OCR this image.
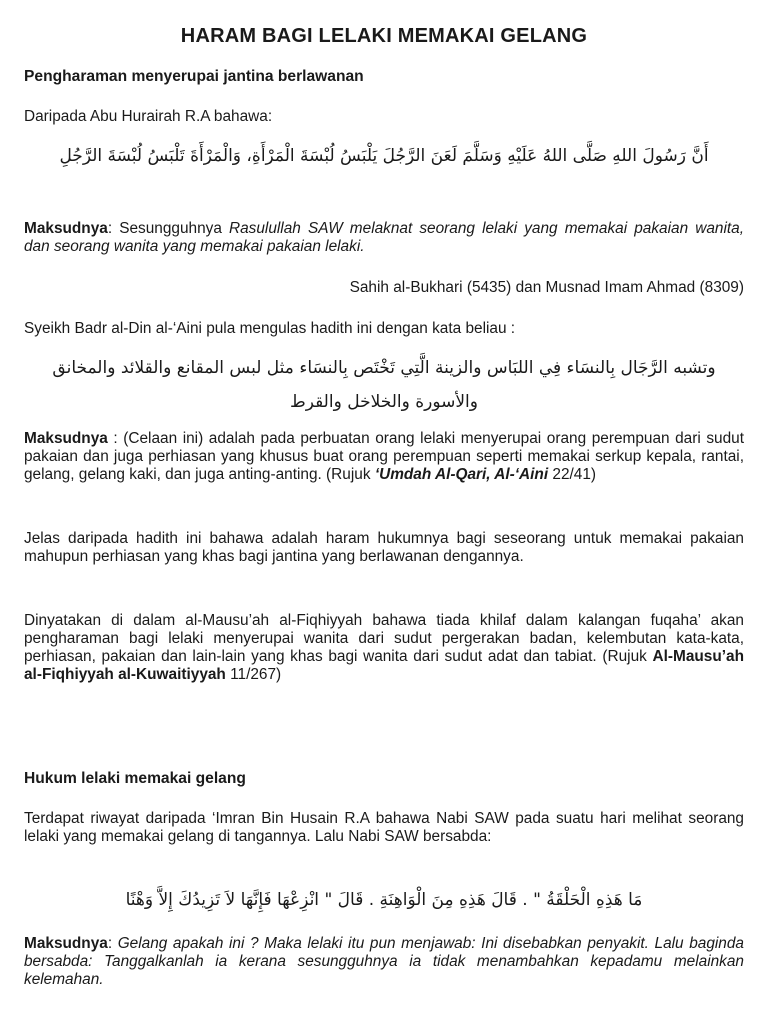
HARAM BAGI LELAKI MEMAKAI GELANG

Pengharaman menyerupai jantina berlawanan

Daripada Abu Hurairah R.A bahawa:

أَنَّ رَسُولَ اللهِ صَلَّى اللهُ عَلَيْهِ وَسَلَّمَ لَعَنَ الرَّجُلَ يَلْبَسُ لُبْسَةَ الْمَرْأَةِ، وَالْمَرْأَةَ تَلْبَسُ لُبْسَةَ الرَّجُلِ

Maksudnya: Sesungguhnya Rasulullah SAW melaknat seorang lelaki yang memakai pakaian wanita, dan seorang wanita yang memakai pakaian lelaki.

Sahih al-Bukhari (5435) dan Musnad Imam Ahmad (8309)

Syeikh Badr al-Din al-‘Aini pula mengulas hadith ini dengan kata beliau :

وتشبه الرَّجَال بِالنسَاء فِي اللبَاس والزينة الَّتِي تَخْتَص بِالنسَاء مثل لبس المقانع والقلائد والمخانق والأسورة والخلاخل والقرط

Maksudnya : (Celaan ini) adalah pada perbuatan orang lelaki menyerupai orang perempuan dari sudut pakaian dan juga perhiasan yang khusus buat orang perempuan seperti memakai serkup kepala, rantai, gelang, gelang kaki, dan juga anting-anting. (Rujuk ‘Umdah Al-Qari, Al-‘Aini 22/41)

Jelas daripada hadith ini bahawa adalah haram hukumnya bagi seseorang untuk memakai pakaian mahupun perhiasan yang khas bagi jantina yang berlawanan dengannya.

Dinyatakan di dalam al-Mausu’ah al-Fiqhiyyah bahawa tiada khilaf dalam kalangan fuqaha’ akan pengharaman bagi lelaki menyerupai wanita dari sudut pergerakan badan, kelembutan kata-kata, perhiasan, pakaian dan lain-lain yang khas bagi wanita dari sudut adat dan tabiat. (Rujuk Al-Mausu’ah al-Fiqhiyyah al-Kuwaitiyyah 11/267)

Hukum lelaki memakai gelang

Terdapat riwayat daripada ‘Imran Bin Husain R.A bahawa Nabi SAW pada suatu hari melihat seorang lelaki yang memakai gelang di tangannya. Lalu Nabi SAW bersabda:

مَا هَذِهِ الْحَلْقَةُ " . قَالَ هَذِهِ مِنَ الْوَاهِنَةِ . قَالَ " انْزِعْهَا فَإِنَّهَا لاَ تَزِيدُكَ إِلاَّ وَهْنًا

Maksudnya: Gelang apakah ini ? Maka lelaki itu pun menjawab: Ini disebabkan penyakit. Lalu baginda bersabda: Tanggalkanlah ia kerana sesungguhnya ia tidak menambahkan kepadamu melainkan kelemahan.
